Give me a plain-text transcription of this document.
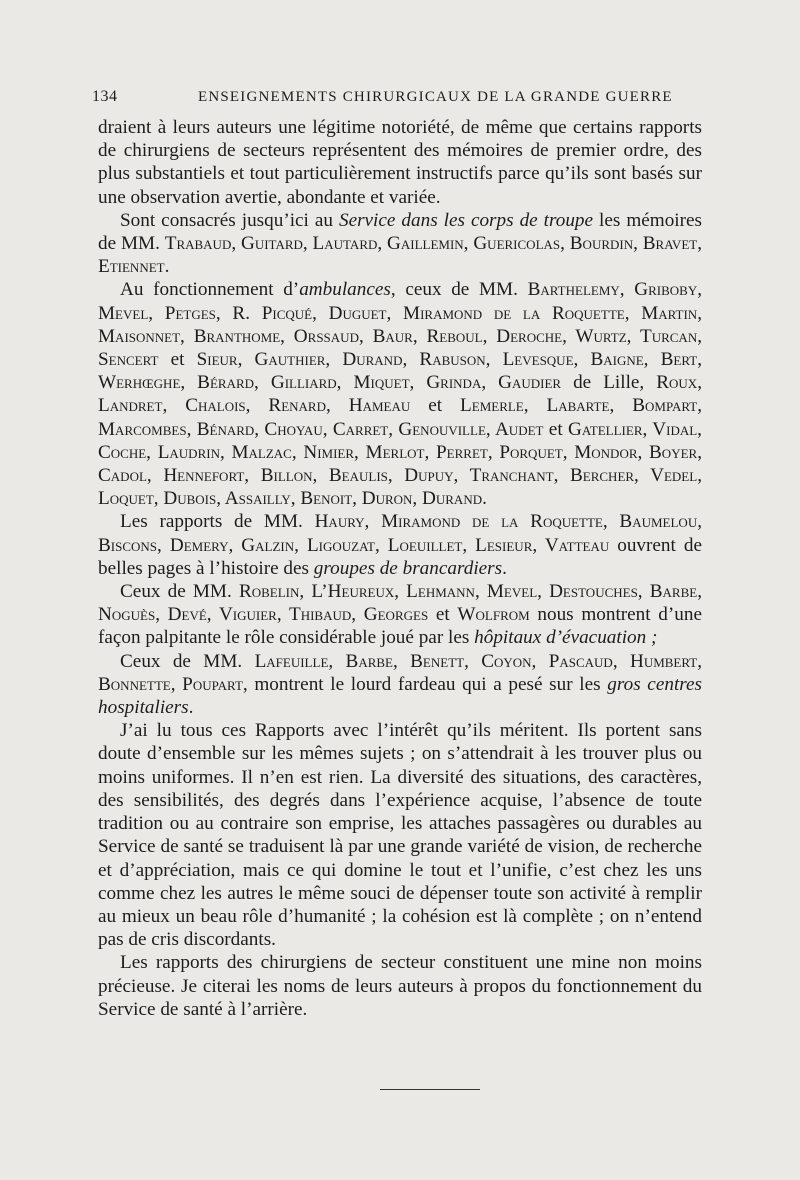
134	ENSEIGNEMENTS CHIRURGICAUX DE LA GRANDE GUERRE

draient à leurs auteurs une légitime notoriété, de même que certains rapports de chirurgiens de secteurs représentent des mémoires de premier ordre, des plus substantiels et tout particulièrement instructifs parce qu’ils sont basés sur une observation avertie, abondante et variée.

Sont consacrés jusqu’ici au Service dans les corps de troupe les mémoires de MM. Trabaud, Guitard, Lautard, Gaillemin, Guericolas, Bourdin, Bravet, Etiennet.

Au fonctionnement d’ambulances, ceux de MM. Barthelemy, Griboby, Mevel, Petges, R. Picqué, Duguet, Miramond de la Roquette, Martin, Maisonnet, Branthome, Orssaud, Baur, Reboul, Deroche, Wurtz, Turcan, Sencert et Sieur, Gauthier, Durand, Rabuson, Levesque, Baigne, Bert, Werhœghe, Bérard, Gilliard, Miquet, Grinda, Gaudier de Lille, Roux, Landret, Chalois, Renard, Hameau et Lemerle, Labarte, Bompart, Marcombes, Bénard, Choyau, Carret, Genouville, Audet et Gatellier, Vidal, Coche, Laudrin, Malzac, Nimier, Merlot, Perret, Porquet, Mondor, Boyer, Cadol, Hennefort, Billon, Beaulis, Dupuy, Tranchant, Bercher, Vedel, Loquet, Dubois, Assailly, Benoit, Duron, Durand.

Les rapports de MM. Haury, Miramond de la Roquette, Baumelou, Biscons, Demery, Galzin, Ligouzat, Loeuillet, Lesieur, Vatteau ouvrent de belles pages à l’histoire des groupes de brancardiers.

Ceux de MM. Robelin, L’Heureux, Lehmann, Mevel, Destouches, Barbe, Noguès, Devé, Viguier, Thibaud, Georges et Wolfrom nous montrent d’une façon palpitante le rôle considérable joué par les hôpitaux d’évacuation ;

Ceux de MM. Lafeuille, Barbe, Benett, Coyon, Pascaud, Humbert, Bonnette, Poupart, montrent le lourd fardeau qui a pesé sur les gros centres hospitaliers.

J’ai lu tous ces Rapports avec l’intérêt qu’ils méritent. Ils portent sans doute d’ensemble sur les mêmes sujets ; on s’attendrait à les trouver plus ou moins uniformes. Il n’en est rien. La diversité des situations, des caractères, des sensibilités, des degrés dans l’expérience acquise, l’absence de toute tradition ou au contraire son emprise, les attaches passagères ou durables au Service de santé se traduisent là par une grande variété de vision, de recherche et d’appréciation, mais ce qui domine le tout et l’unifie, c’est chez les uns comme chez les autres le même souci de dépenser toute son activité à remplir au mieux un beau rôle d’humanité ; la cohésion est là complète ; on n’entend pas de cris discordants.

Les rapports des chirurgiens de secteur constituent une mine non moins précieuse. Je citerai les noms de leurs auteurs à propos du fonctionnement du Service de santé à l’arrière.
